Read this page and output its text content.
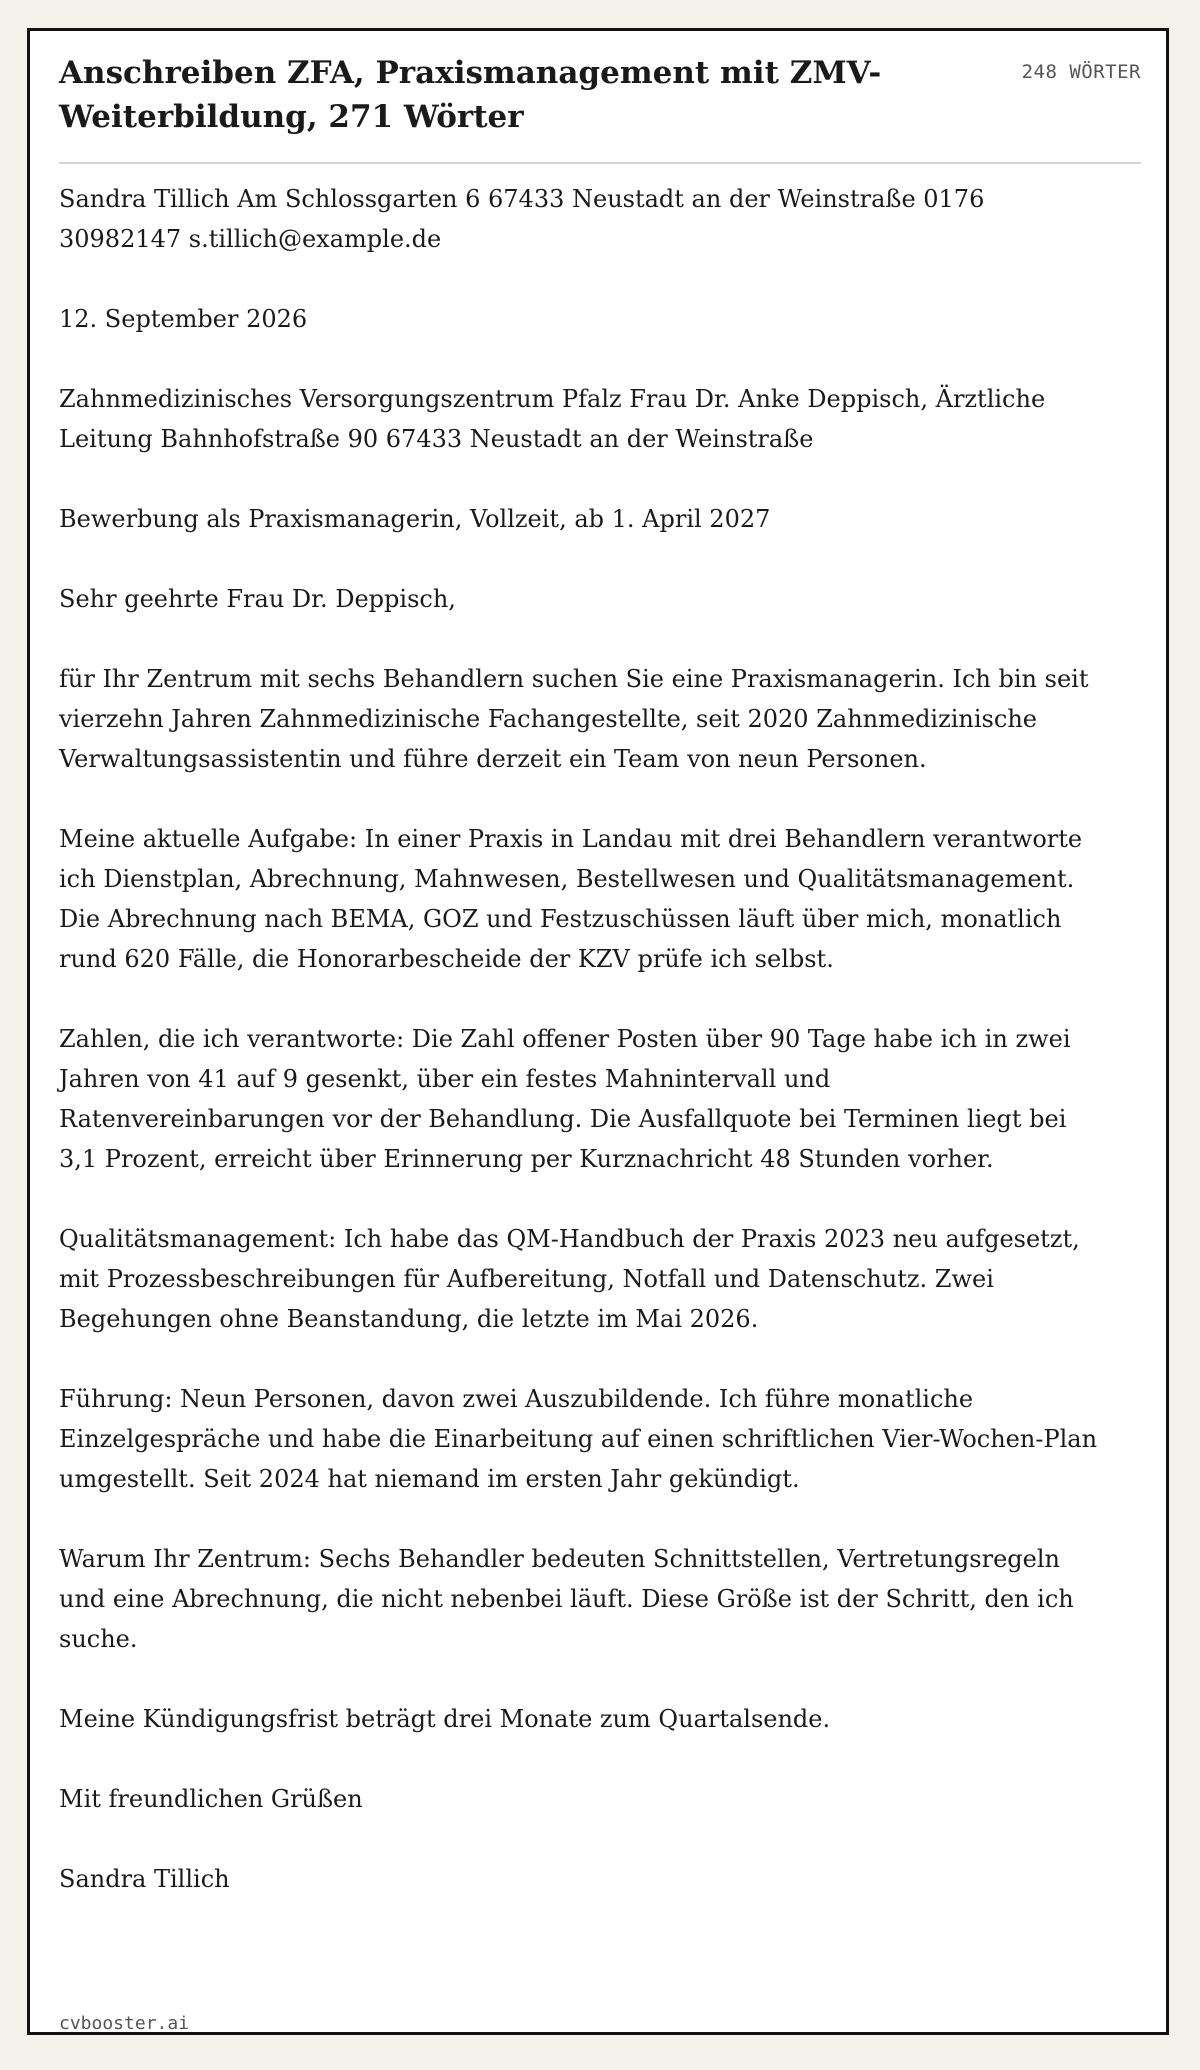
Anschreiben ZFA, Praxismanagement mit ZMV-Weiterbildung, 271 Wörter
248 WÖRTER

Sandra Tillich Am Schlossgarten 6 67433 Neustadt an der Weinstraße 0176 30982147 s.tillich@example.de

12. September 2026

Zahnmedizinisches Versorgungszentrum Pfalz Frau Dr. Anke Deppisch, Ärztliche Leitung Bahnhofstraße 90 67433 Neustadt an der Weinstraße

Bewerbung als Praxismanagerin, Vollzeit, ab 1. April 2027

Sehr geehrte Frau Dr. Deppisch,

für Ihr Zentrum mit sechs Behandlern suchen Sie eine Praxismanagerin. Ich bin seit vierzehn Jahren Zahnmedizinische Fachangestellte, seit 2020 Zahnmedizinische Verwaltungsassistentin und führe derzeit ein Team von neun Personen.

Meine aktuelle Aufgabe: In einer Praxis in Landau mit drei Behandlern verantworte ich Dienstplan, Abrechnung, Mahnwesen, Bestellwesen und Qualitätsmanagement. Die Abrechnung nach BEMA, GOZ und Festzuschüssen läuft über mich, monatlich rund 620 Fälle, die Honorarbescheide der KZV prüfe ich selbst.

Zahlen, die ich verantworte: Die Zahl offener Posten über 90 Tage habe ich in zwei Jahren von 41 auf 9 gesenkt, über ein festes Mahnintervall und Ratenvereinbarungen vor der Behandlung. Die Ausfallquote bei Terminen liegt bei 3,1 Prozent, erreicht über Erinnerung per Kurznachricht 48 Stunden vorher.

Qualitätsmanagement: Ich habe das QM-Handbuch der Praxis 2023 neu aufgesetzt, mit Prozessbeschreibungen für Aufbereitung, Notfall und Datenschutz. Zwei Begehungen ohne Beanstandung, die letzte im Mai 2026.

Führung: Neun Personen, davon zwei Auszubildende. Ich führe monatliche Einzelgespräche und habe die Einarbeitung auf einen schriftlichen Vier-Wochen-Plan umgestellt. Seit 2024 hat niemand im ersten Jahr gekündigt.

Warum Ihr Zentrum: Sechs Behandler bedeuten Schnittstellen, Vertretungsregeln und eine Abrechnung, die nicht nebenbei läuft. Diese Größe ist der Schritt, den ich suche.

Meine Kündigungsfrist beträgt drei Monate zum Quartalsende.

Mit freundlichen Grüßen

Sandra Tillich

cvbooster.ai
